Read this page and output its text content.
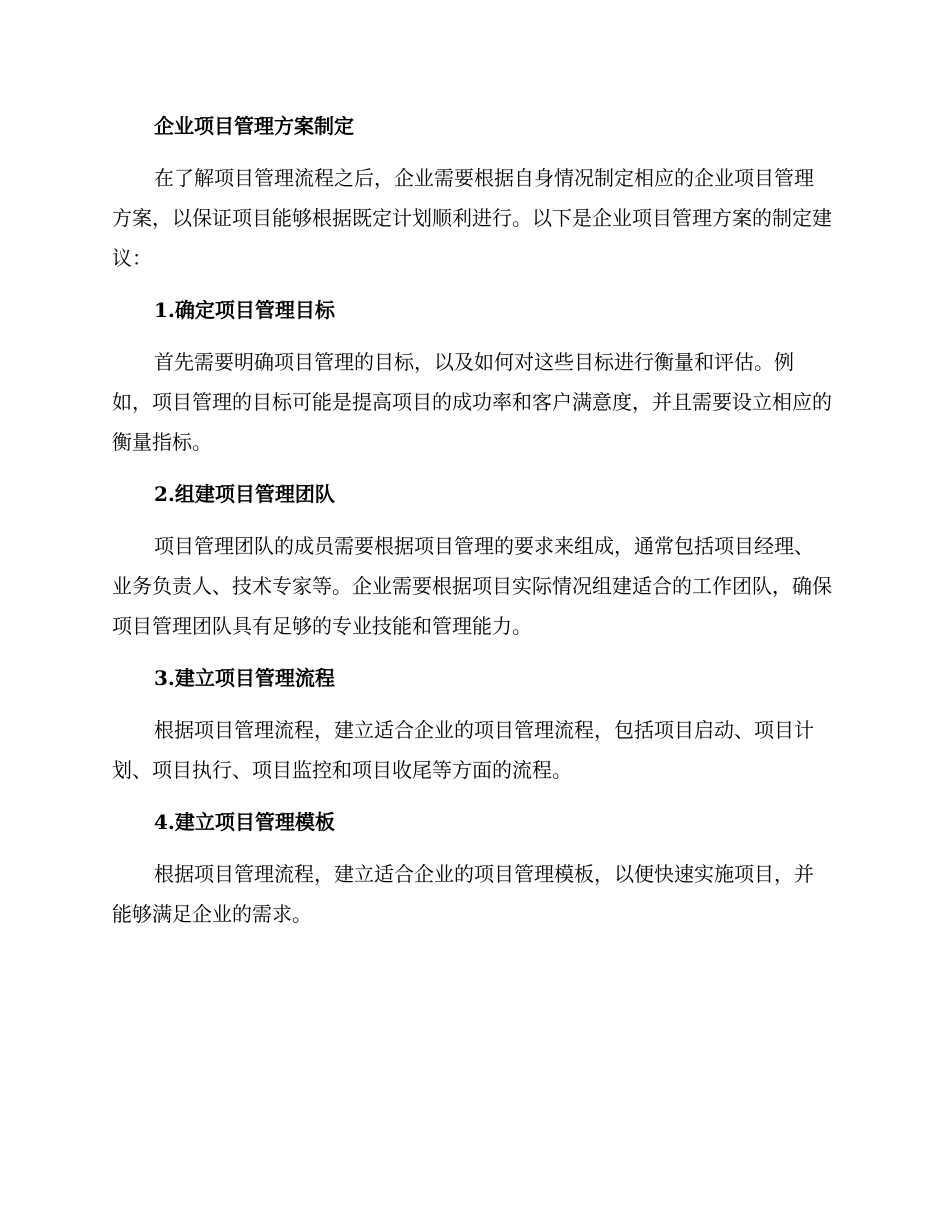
企业项目管理方案制定

在了解项目管理流程之后，企业需要根据自身情况制定相应的企业项目管理方案，以保证项目能够根据既定计划顺利进行。以下是企业项目管理方案的制定建议：

1.确定项目管理目标

首先需要明确项目管理的目标，以及如何对这些目标进行衡量和评估。例如，项目管理的目标可能是提高项目的成功率和客户满意度，并且需要设立相应的衡量指标。

2.组建项目管理团队

项目管理团队的成员需要根据项目管理的要求来组成，通常包括项目经理、业务负责人、技术专家等。企业需要根据项目实际情况组建适合的工作团队，确保项目管理团队具有足够的专业技能和管理能力。

3.建立项目管理流程

根据项目管理流程，建立适合企业的项目管理流程，包括项目启动、项目计划、项目执行、项目监控和项目收尾等方面的流程。

4.建立项目管理模板

根据项目管理流程，建立适合企业的项目管理模板，以便快速实施项目，并能够满足企业的需求。
